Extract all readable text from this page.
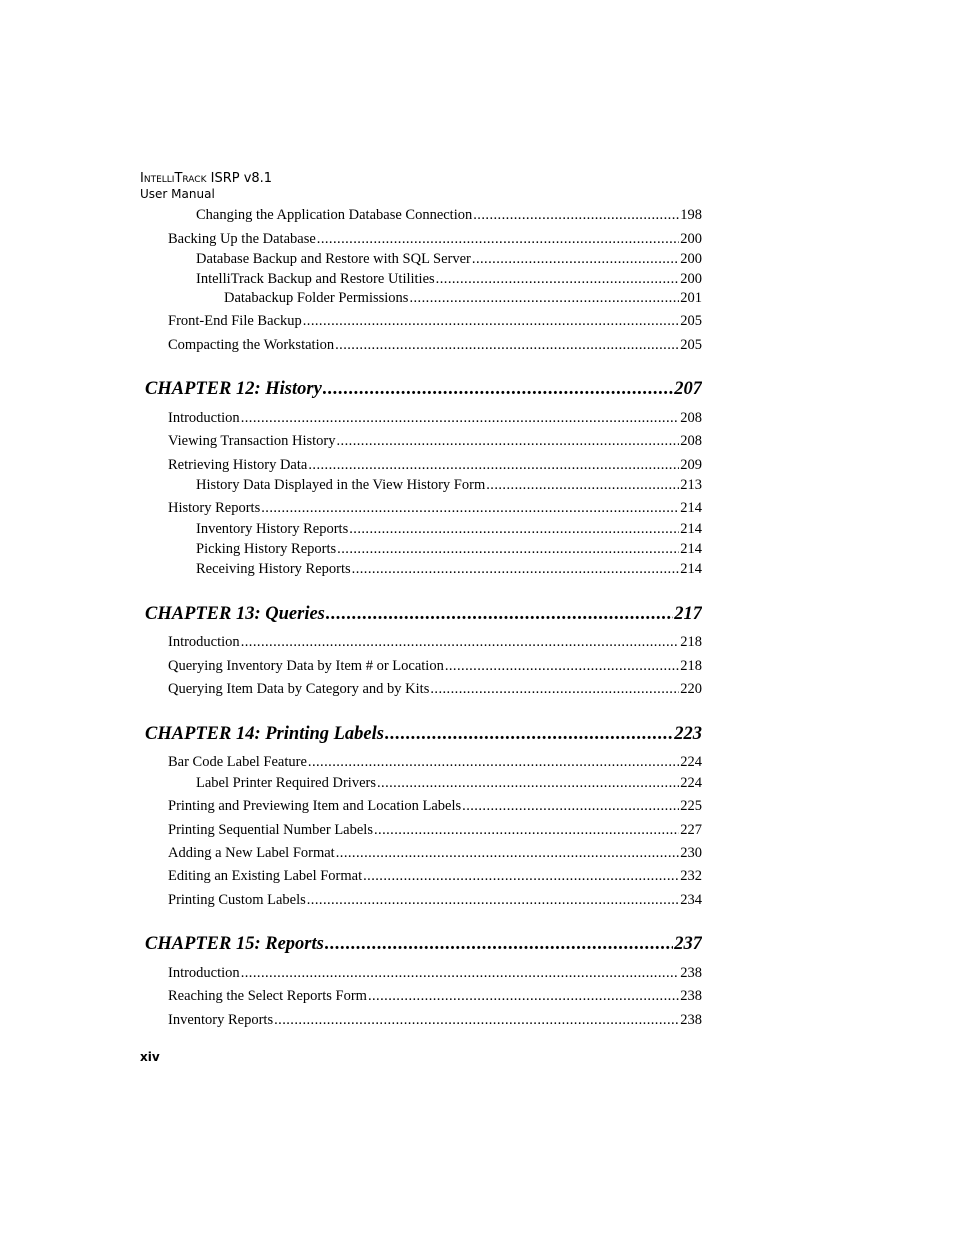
IntelliTrack ISRP v8.1
User Manual
Changing the Application Database Connection . . .	198
Backing Up the Database . . .	200
Database Backup and Restore with SQL Server . . .	200
IntelliTrack Backup and Restore Utilities . . .	200
Databackup Folder Permissions . . .	201
Front-End File Backup . . .	205
Compacting the Workstation . . .	205
CHAPTER 12: History . . .	207
Introduction . . .	208
Viewing Transaction History . . .	208
Retrieving History Data . . .	209
History Data Displayed in the View History Form . . .	213
History Reports . . .	214
Inventory History Reports . . .	214
Picking History Reports . . .	214
Receiving History Reports . . .	214
CHAPTER 13: Queries . . .	217
Introduction . . .	218
Querying Inventory Data by Item # or Location . . .	218
Querying Item Data by Category and by Kits . . .	220
CHAPTER 14: Printing Labels . . .	223
Bar Code Label Feature . . .	224
Label Printer Required Drivers . . .	224
Printing and Previewing Item and Location Labels . . .	225
Printing Sequential Number Labels . . .	227
Adding a New Label Format . . .	230
Editing an Existing Label Format . . .	232
Printing Custom Labels . . .	234
CHAPTER 15: Reports . . .	237
Introduction . . .	238
Reaching the Select Reports Form . . .	238
Inventory Reports . . .	238
xiv
